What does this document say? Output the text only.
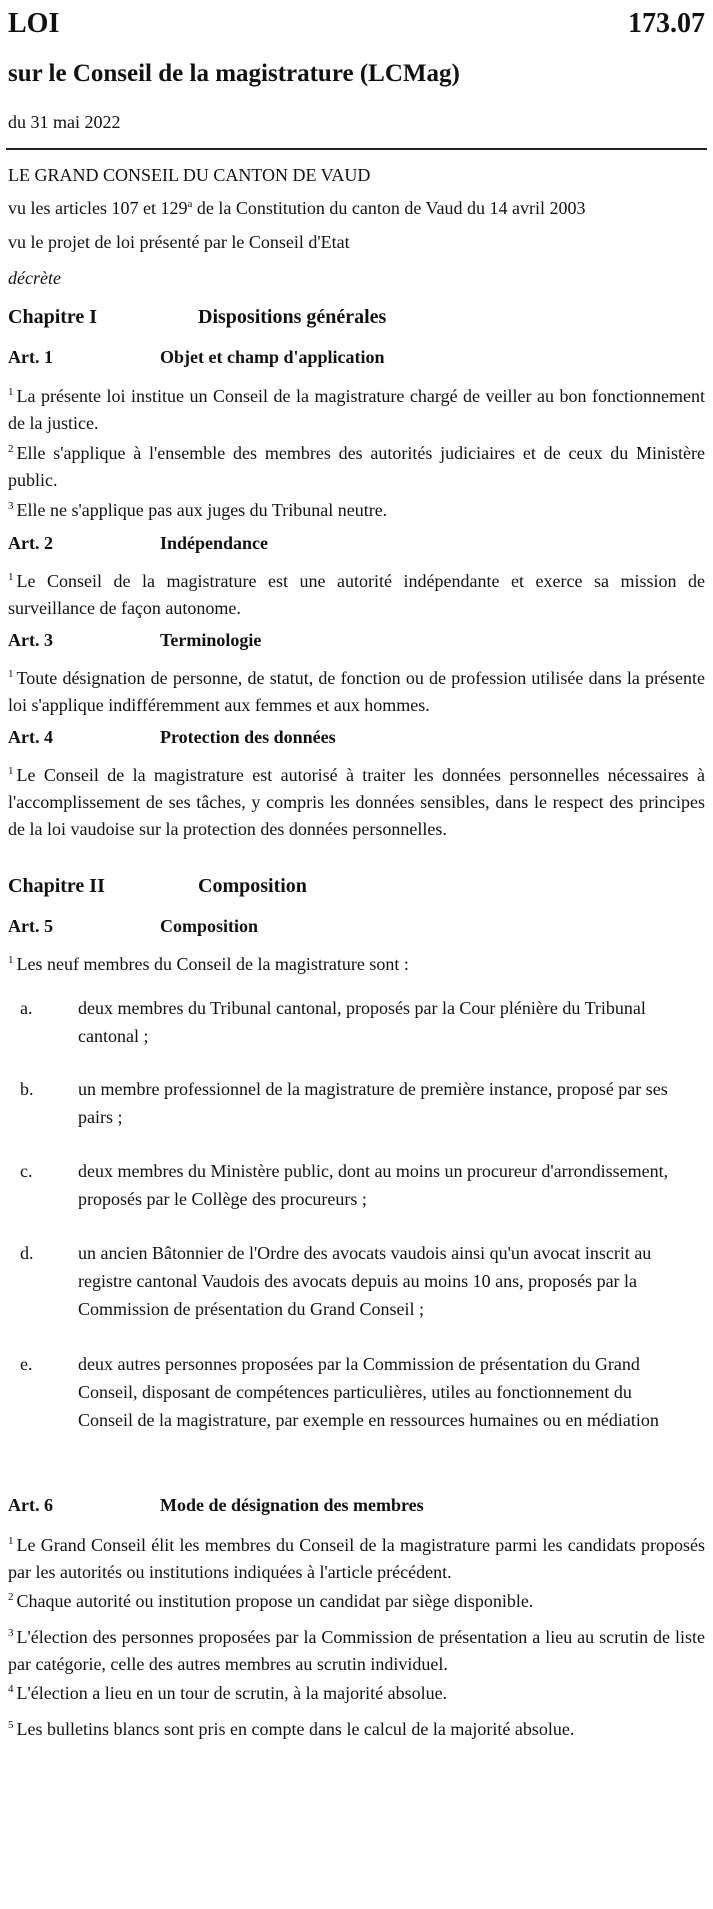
LOI	173.07
sur le Conseil de la magistrature (LCMag)
du 31 mai 2022
LE GRAND CONSEIL DU CANTON DE VAUD
vu les articles 107 et 129$^a$ de la Constitution du canton de Vaud du 14 avril 2003
vu le projet de loi présenté par le Conseil d'Etat
décrète
Chapitre I	Dispositions générales
Art. 1	Objet et champ d'application
$^1$ La présente loi institue un Conseil de la magistrature chargé de veiller au bon fonctionnement de la justice.
$^2$ Elle s'applique à l'ensemble des membres des autorités judiciaires et de ceux du Ministère public.
$^3$ Elle ne s'applique pas aux juges du Tribunal neutre.
Art. 2	Indépendance
$^1$ Le Conseil de la magistrature est une autorité indépendante et exerce sa mission de surveillance de façon autonome.
Art. 3	Terminologie
$^1$ Toute désignation de personne, de statut, de fonction ou de profession utilisée dans la présente loi s'applique indifféremment aux femmes et aux hommes.
Art. 4	Protection des données
$^1$ Le Conseil de la magistrature est autorisé à traiter les données personnelles nécessaires à l'accomplissement de ses tâches, y compris les données sensibles, dans le respect des principes de la loi vaudoise sur la protection des données personnelles.
Chapitre II	Composition
Art. 5	Composition
$^1$ Les neuf membres du Conseil de la magistrature sont :
a.	deux membres du Tribunal cantonal, proposés par la Cour plénière du Tribunal cantonal ;
b.	un membre professionnel de la magistrature de première instance, proposé par ses pairs ;
c.	deux membres du Ministère public, dont au moins un procureur d'arrondissement, proposés par le Collège des procureurs ;
d.	un ancien Bâtonnier de l'Ordre des avocats vaudois ainsi qu'un avocat inscrit au registre cantonal Vaudois des avocats depuis au moins 10 ans, proposés par la Commission de présentation du Grand Conseil ;
e.	deux autres personnes proposées par la Commission de présentation du Grand Conseil, disposant de compétences particulières, utiles au fonctionnement du Conseil de la magistrature, par exemple en ressources humaines ou en médiation
Art. 6	Mode de désignation des membres
$^1$ Le Grand Conseil élit les membres du Conseil de la magistrature parmi les candidats proposés par les autorités ou institutions indiquées à l'article précédent.
$^2$ Chaque autorité ou institution propose un candidat par siège disponible.
$^3$ L'élection des personnes proposées par la Commission de présentation a lieu au scrutin de liste par catégorie, celle des autres membres au scrutin individuel.
$^4$ L'élection a lieu en un tour de scrutin, à la majorité absolue.
$^5$ Les bulletins blancs sont pris en compte dans le calcul de la majorité absolue.
